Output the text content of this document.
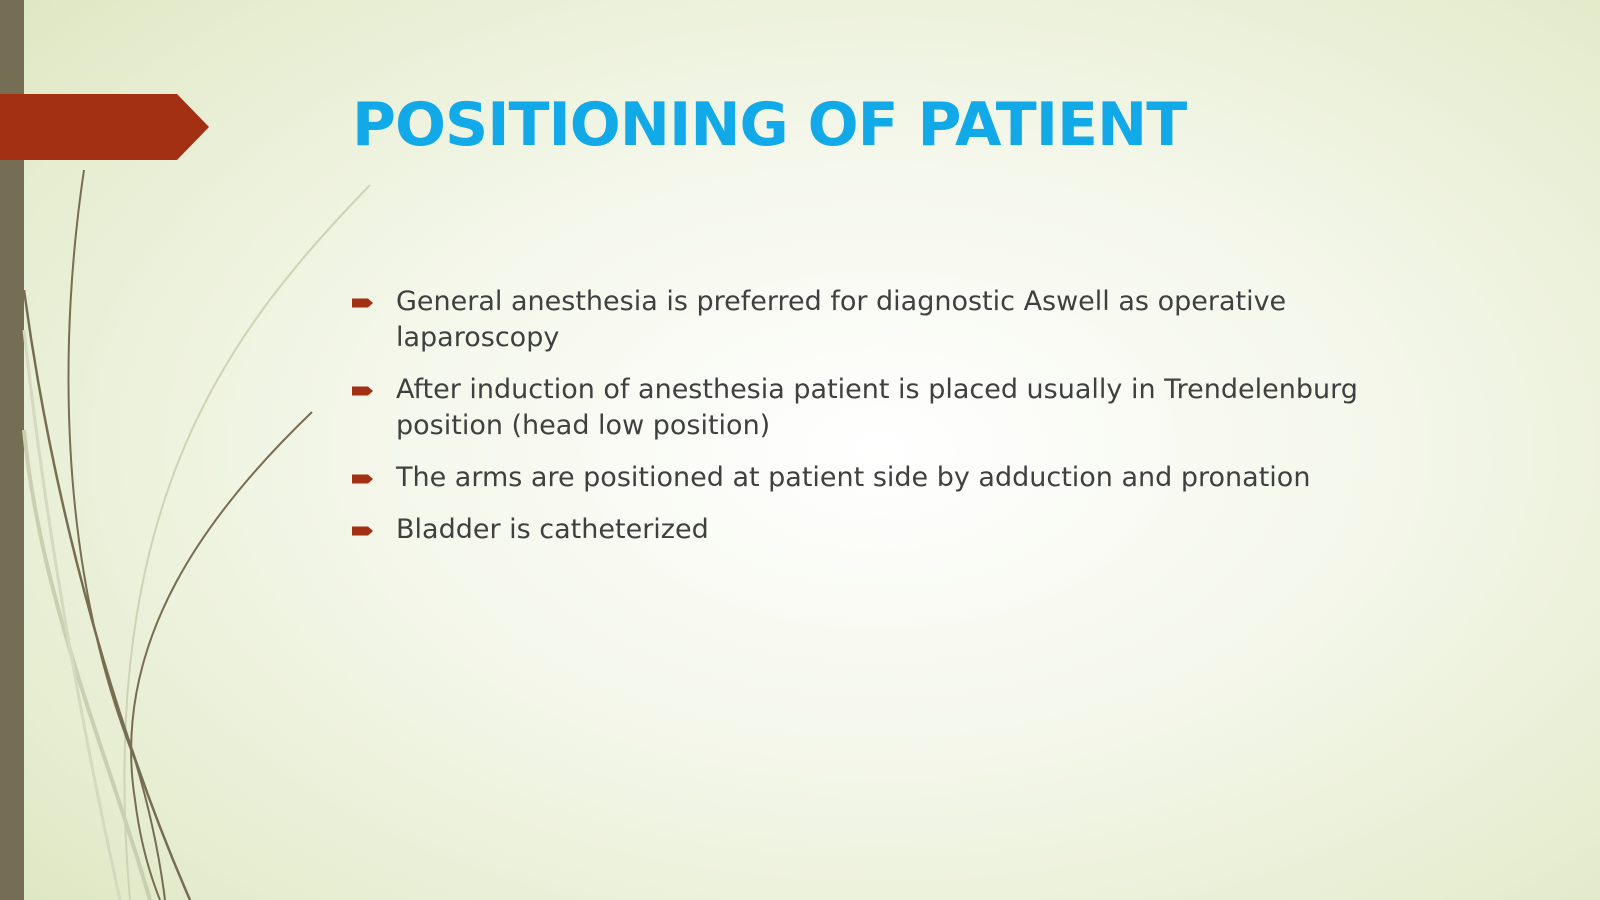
POSITIONING OF PATIENT
General anesthesia is preferred for diagnostic Aswell as operative laparoscopy
After induction of anesthesia patient is placed usually in Trendelenburg position (head low position)
The arms are positioned at patient side by adduction and pronation
Bladder is catheterized
